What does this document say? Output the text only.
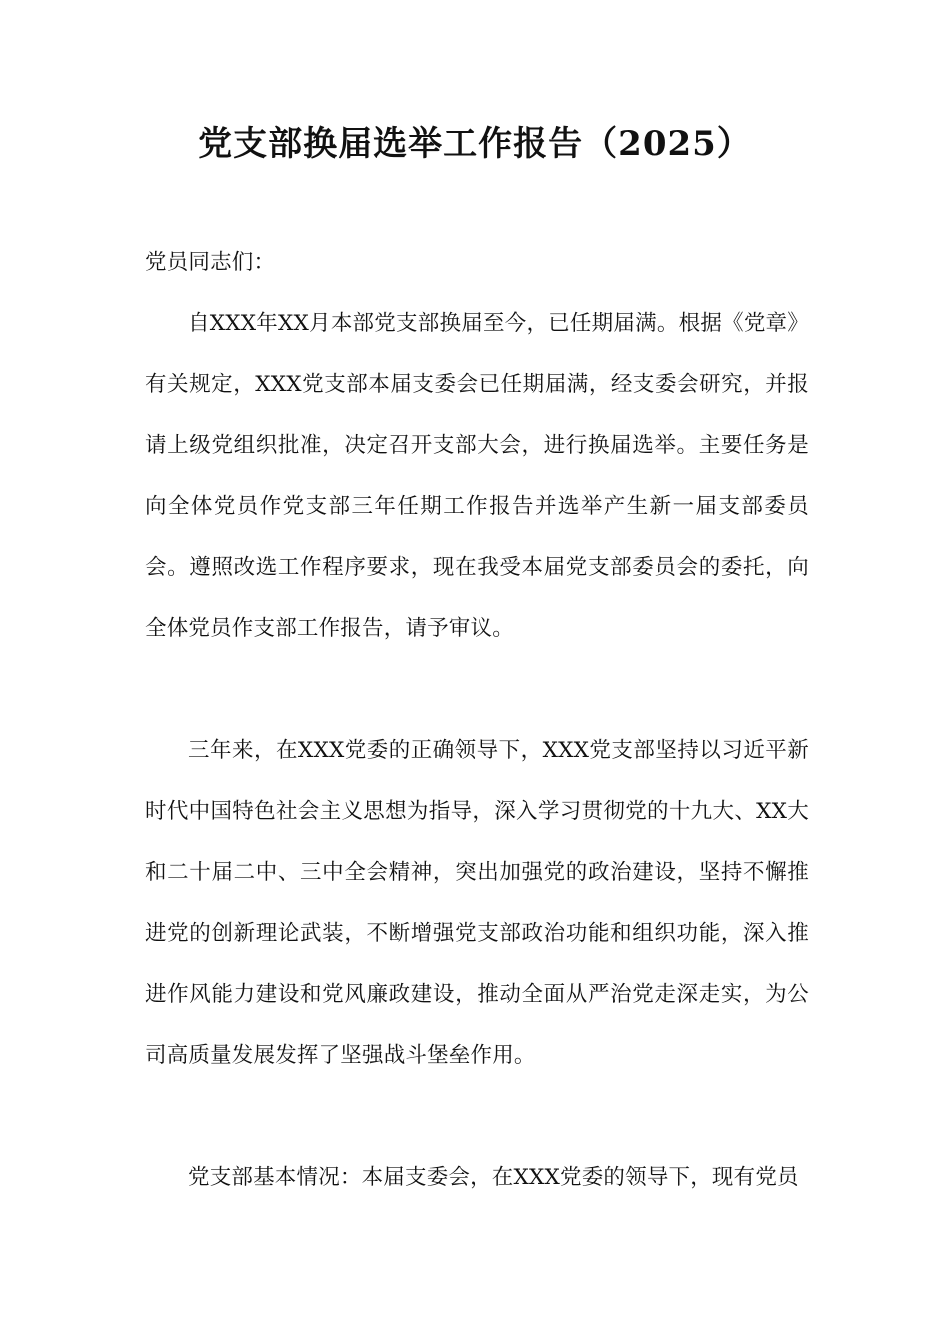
党支部换届选举工作报告（2025）

党员同志们：

自XXX年XX月本部党支部换届至今，已任期届满。根据《党章》有关规定，XXX党支部本届支委会已任期届满，经支委会研究，并报请上级党组织批准，决定召开支部大会，进行换届选举。主要任务是向全体党员作党支部三年任期工作报告并选举产生新一届支部委员会。遵照改选工作程序要求，现在我受本届党支部委员会的委托，向全体党员作支部工作报告，请予审议。

三年来，在XXX党委的正确领导下，XXX党支部坚持以习近平新时代中国特色社会主义思想为指导，深入学习贯彻党的十九大、XX大和二十届二中、三中全会精神，突出加强党的政治建设，坚持不懈推进党的创新理论武装，不断增强党支部政治功能和组织功能，深入推进作风能力建设和党风廉政建设，推动全面从严治党走深走实，为公司高质量发展发挥了坚强战斗堡垒作用。

党支部基本情况：本届支委会，在XXX党委的领导下，现有党员
